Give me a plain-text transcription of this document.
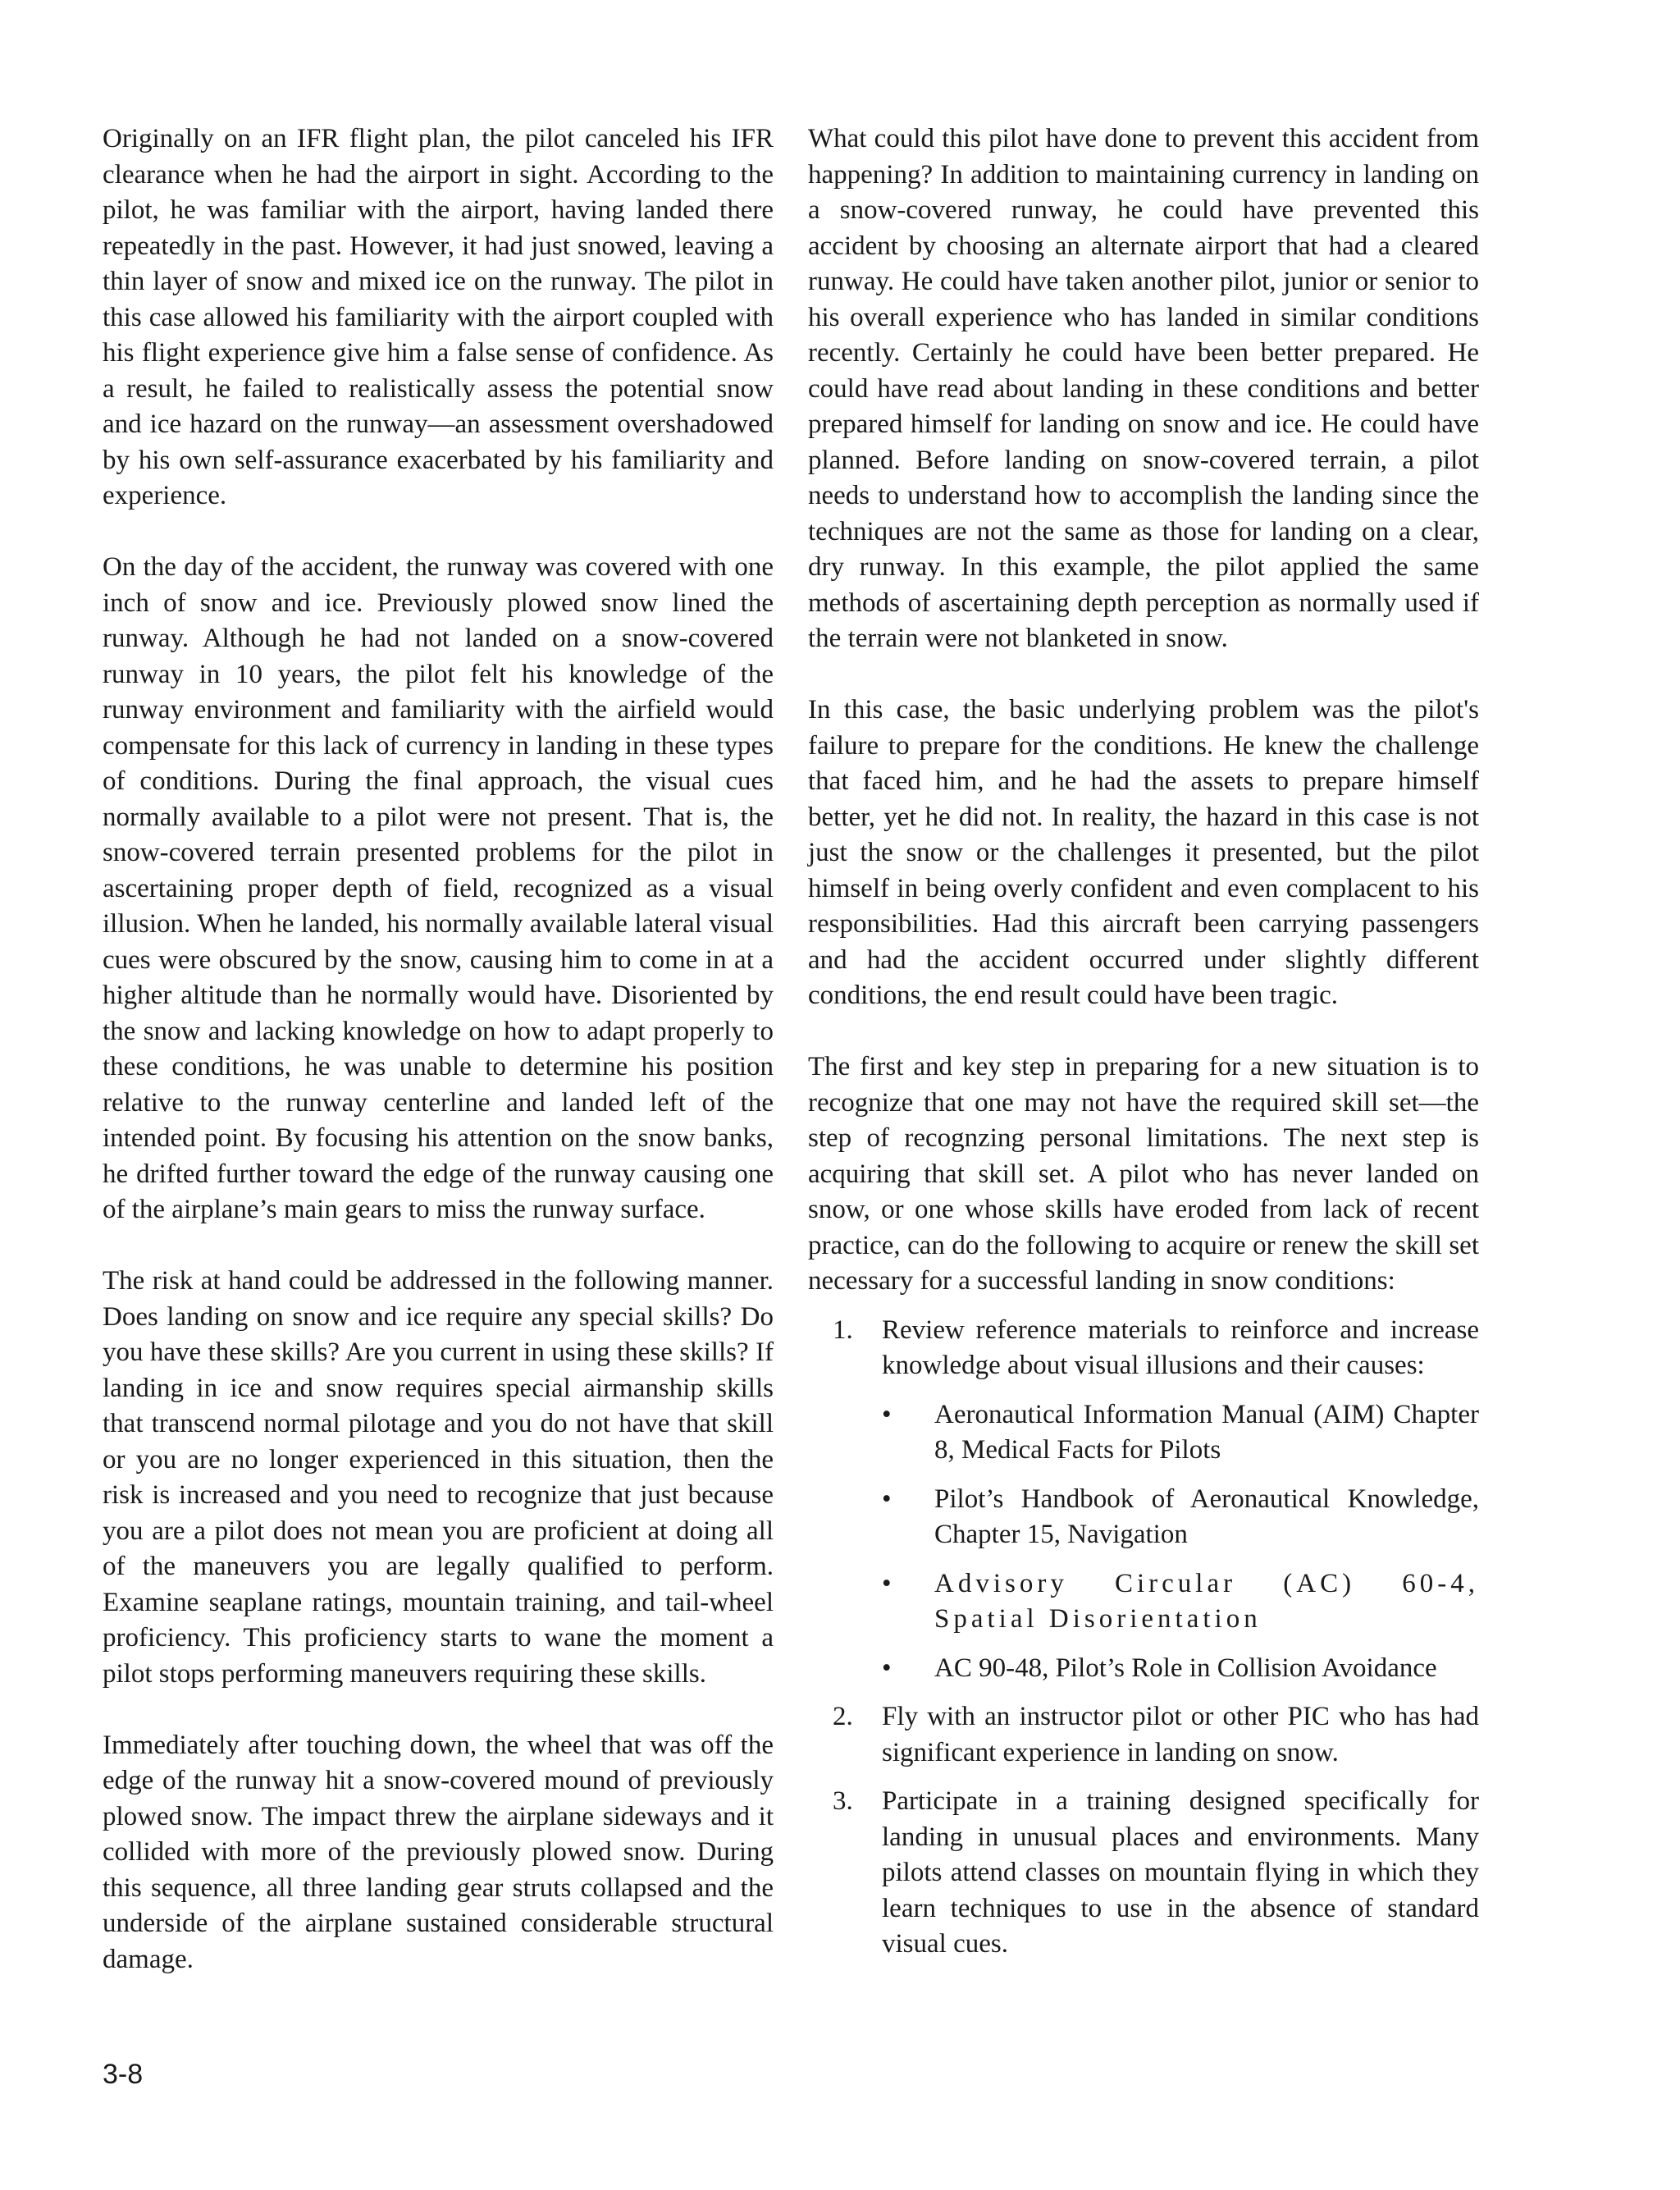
Originally on an IFR flight plan, the pilot canceled his IFR clearance when he had the airport in sight. According to the pilot, he was familiar with the airport, having landed there repeatedly in the past. However, it had just snowed, leaving a thin layer of snow and mixed ice on the runway. The pilot in this case allowed his familiarity with the airport coupled with his flight experience give him a false sense of confidence. As a result, he failed to realistically assess the potential snow and ice hazard on the runway—an assessment overshadowed by his own self-assurance exacerbated by his familiarity and experience.

On the day of the accident, the runway was covered with one inch of snow and ice. Previously plowed snow lined the runway. Although he had not landed on a snow-covered runway in 10 years, the pilot felt his knowledge of the runway environment and familiarity with the airfield would compensate for this lack of currency in landing in these types of conditions. During the final approach, the visual cues normally available to a pilot were not present. That is, the snow-covered terrain presented problems for the pilot in ascertaining proper depth of field, recognized as a visual illusion. When he landed, his normally available lateral visual cues were obscured by the snow, causing him to come in at a higher altitude than he normally would have. Disoriented by the snow and lacking knowledge on how to adapt properly to these conditions, he was unable to determine his position relative to the runway centerline and landed left of the intended point. By focusing his attention on the snow banks, he drifted further toward the edge of the runway causing one of the airplane’s main gears to miss the runway surface.

The risk at hand could be addressed in the following manner. Does landing on snow and ice require any special skills? Do you have these skills? Are you current in using these skills? If landing in ice and snow requires special airmanship skills that transcend normal pilotage and you do not have that skill or you are no longer experienced in this situation, then the risk is increased and you need to recognize that just because you are a pilot does not mean you are proficient at doing all of the maneuvers you are legally qualified to perform. Examine seaplane ratings, mountain training, and tail-wheel proficiency. This proficiency starts to wane the moment a pilot stops performing maneuvers requiring these skills.

Immediately after touching down, the wheel that was off the edge of the runway hit a snow-covered mound of previously plowed snow. The impact threw the airplane sideways and it collided with more of the previously plowed snow. During this sequence, all three landing gear struts collapsed and the underside of the airplane sustained considerable structural damage.

What could this pilot have done to prevent this accident from happening? In addition to maintaining currency in landing on a snow-covered runway, he could have prevented this accident by choosing an alternate airport that had a cleared runway. He could have taken another pilot, junior or senior to his overall experience who has landed in similar conditions recently. Certainly he could have been better prepared. He could have read about landing in these conditions and better prepared himself for landing on snow and ice. He could have planned. Before landing on snow-covered terrain, a pilot needs to understand how to accomplish the landing since the techniques are not the same as those for landing on a clear, dry runway. In this example, the pilot applied the same methods of ascertaining depth perception as normally used if the terrain were not blanketed in snow.

In this case, the basic underlying problem was the pilot's failure to prepare for the conditions. He knew the challenge that faced him, and he had the assets to prepare himself better, yet he did not. In reality, the hazard in this case is not just the snow or the challenges it presented, but the pilot himself in being overly confident and even complacent to his responsibilities. Had this aircraft been carrying passengers and had the accident occurred under slightly different conditions, the end result could have been tragic.

The first and key step in preparing for a new situation is to recognize that one may not have the required skill set—the step of recognzing personal limitations. The next step is acquiring that skill set. A pilot who has never landed on snow, or one whose skills have eroded from lack of recent practice, can do the following to acquire or renew the skill set necessary for a successful landing in snow conditions:

1. Review reference materials to reinforce and increase knowledge about visual illusions and their causes:
• Aeronautical Information Manual (AIM) Chapter 8, Medical Facts for Pilots
• Pilot’s Handbook of Aeronautical Knowledge, Chapter 15, Navigation
• Advisory Circular (AC) 60-4, Spatial Disorientation
• AC 90-48, Pilot’s Role in Collision Avoidance
2. Fly with an instructor pilot or other PIC who has had significant experience in landing on snow.
3. Participate in a training designed specifically for landing in unusual places and environments. Many pilots attend classes on mountain flying in which they learn techniques to use in the absence of standard visual cues.
3-8
